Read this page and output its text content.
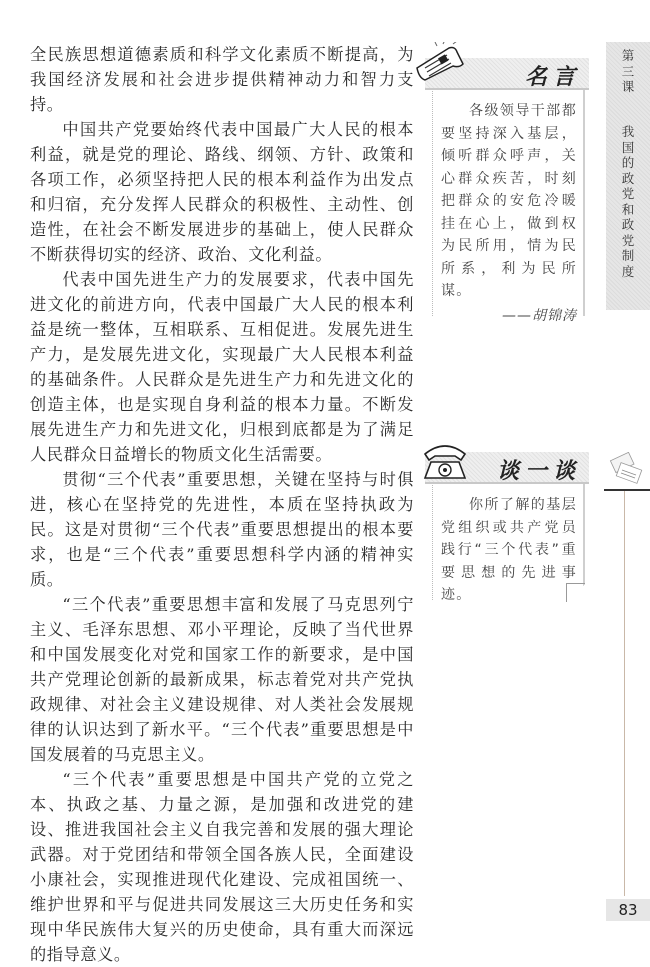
全民族思想道德素质和科学文化素质不断提高，为我国经济发展和社会进步提供精神动力和智力支持。

中国共产党要始终代表中国最广大人民的根本利益，就是党的理论、路线、纲领、方针、政策和各项工作，必须坚持把人民的根本利益作为出发点和归宿，充分发挥人民群众的积极性、主动性、创造性，在社会不断发展进步的基础上，使人民群众不断获得切实的经济、政治、文化利益。

代表中国先进生产力的发展要求，代表中国先进文化的前进方向，代表中国最广大人民的根本利益是统一整体，互相联系、互相促进。发展先进生产力，是发展先进文化，实现最广大人民根本利益的基础条件。人民群众是先进生产力和先进文化的创造主体，也是实现自身利益的根本力量。不断发展先进生产力和先进文化，归根到底都是为了满足人民群众日益增长的物质文化生活需要。

贯彻“三个代表”重要思想，关键在坚持与时俱进，核心在坚持党的先进性，本质在坚持执政为民。这是对贯彻“三个代表”重要思想提出的根本要求，也是“三个代表”重要思想科学内涵的精神实质。

“三个代表”重要思想丰富和发展了马克思列宁主义、毛泽东思想、邓小平理论，反映了当代世界和中国发展变化对党和国家工作的新要求，是中国共产党理论创新的最新成果，标志着党对共产党执政规律、对社会主义建设规律、对人类社会发展规律的认识达到了新水平。“三个代表”重要思想是中国发展着的马克思主义。

“三个代表”重要思想是中国共产党的立党之本、执政之基、力量之源，是加强和改进党的建设、推进我国社会主义自我完善和发展的强大理论武器。对于党团结和带领全国各族人民，全面建设小康社会，实现推进现代化建设、完成祖国统一、维护世界和平与促进共同发展这三大历史任务和实现中华民族伟大复兴的历史使命，具有重大而深远的指导意义。

第三课
我国的政党和政党制度
名言
各级领导干部都要坚持深入基层，倾听群众呼声，关心群众疾苦，时刻把群众的安危冷暖挂在心上，做到权为民所用，情为民所系，利为民所谋。
——胡锦涛
谈一谈
你所了解的基层党组织或共产党员践行“三个代表”重要思想的先进事迹。
83
